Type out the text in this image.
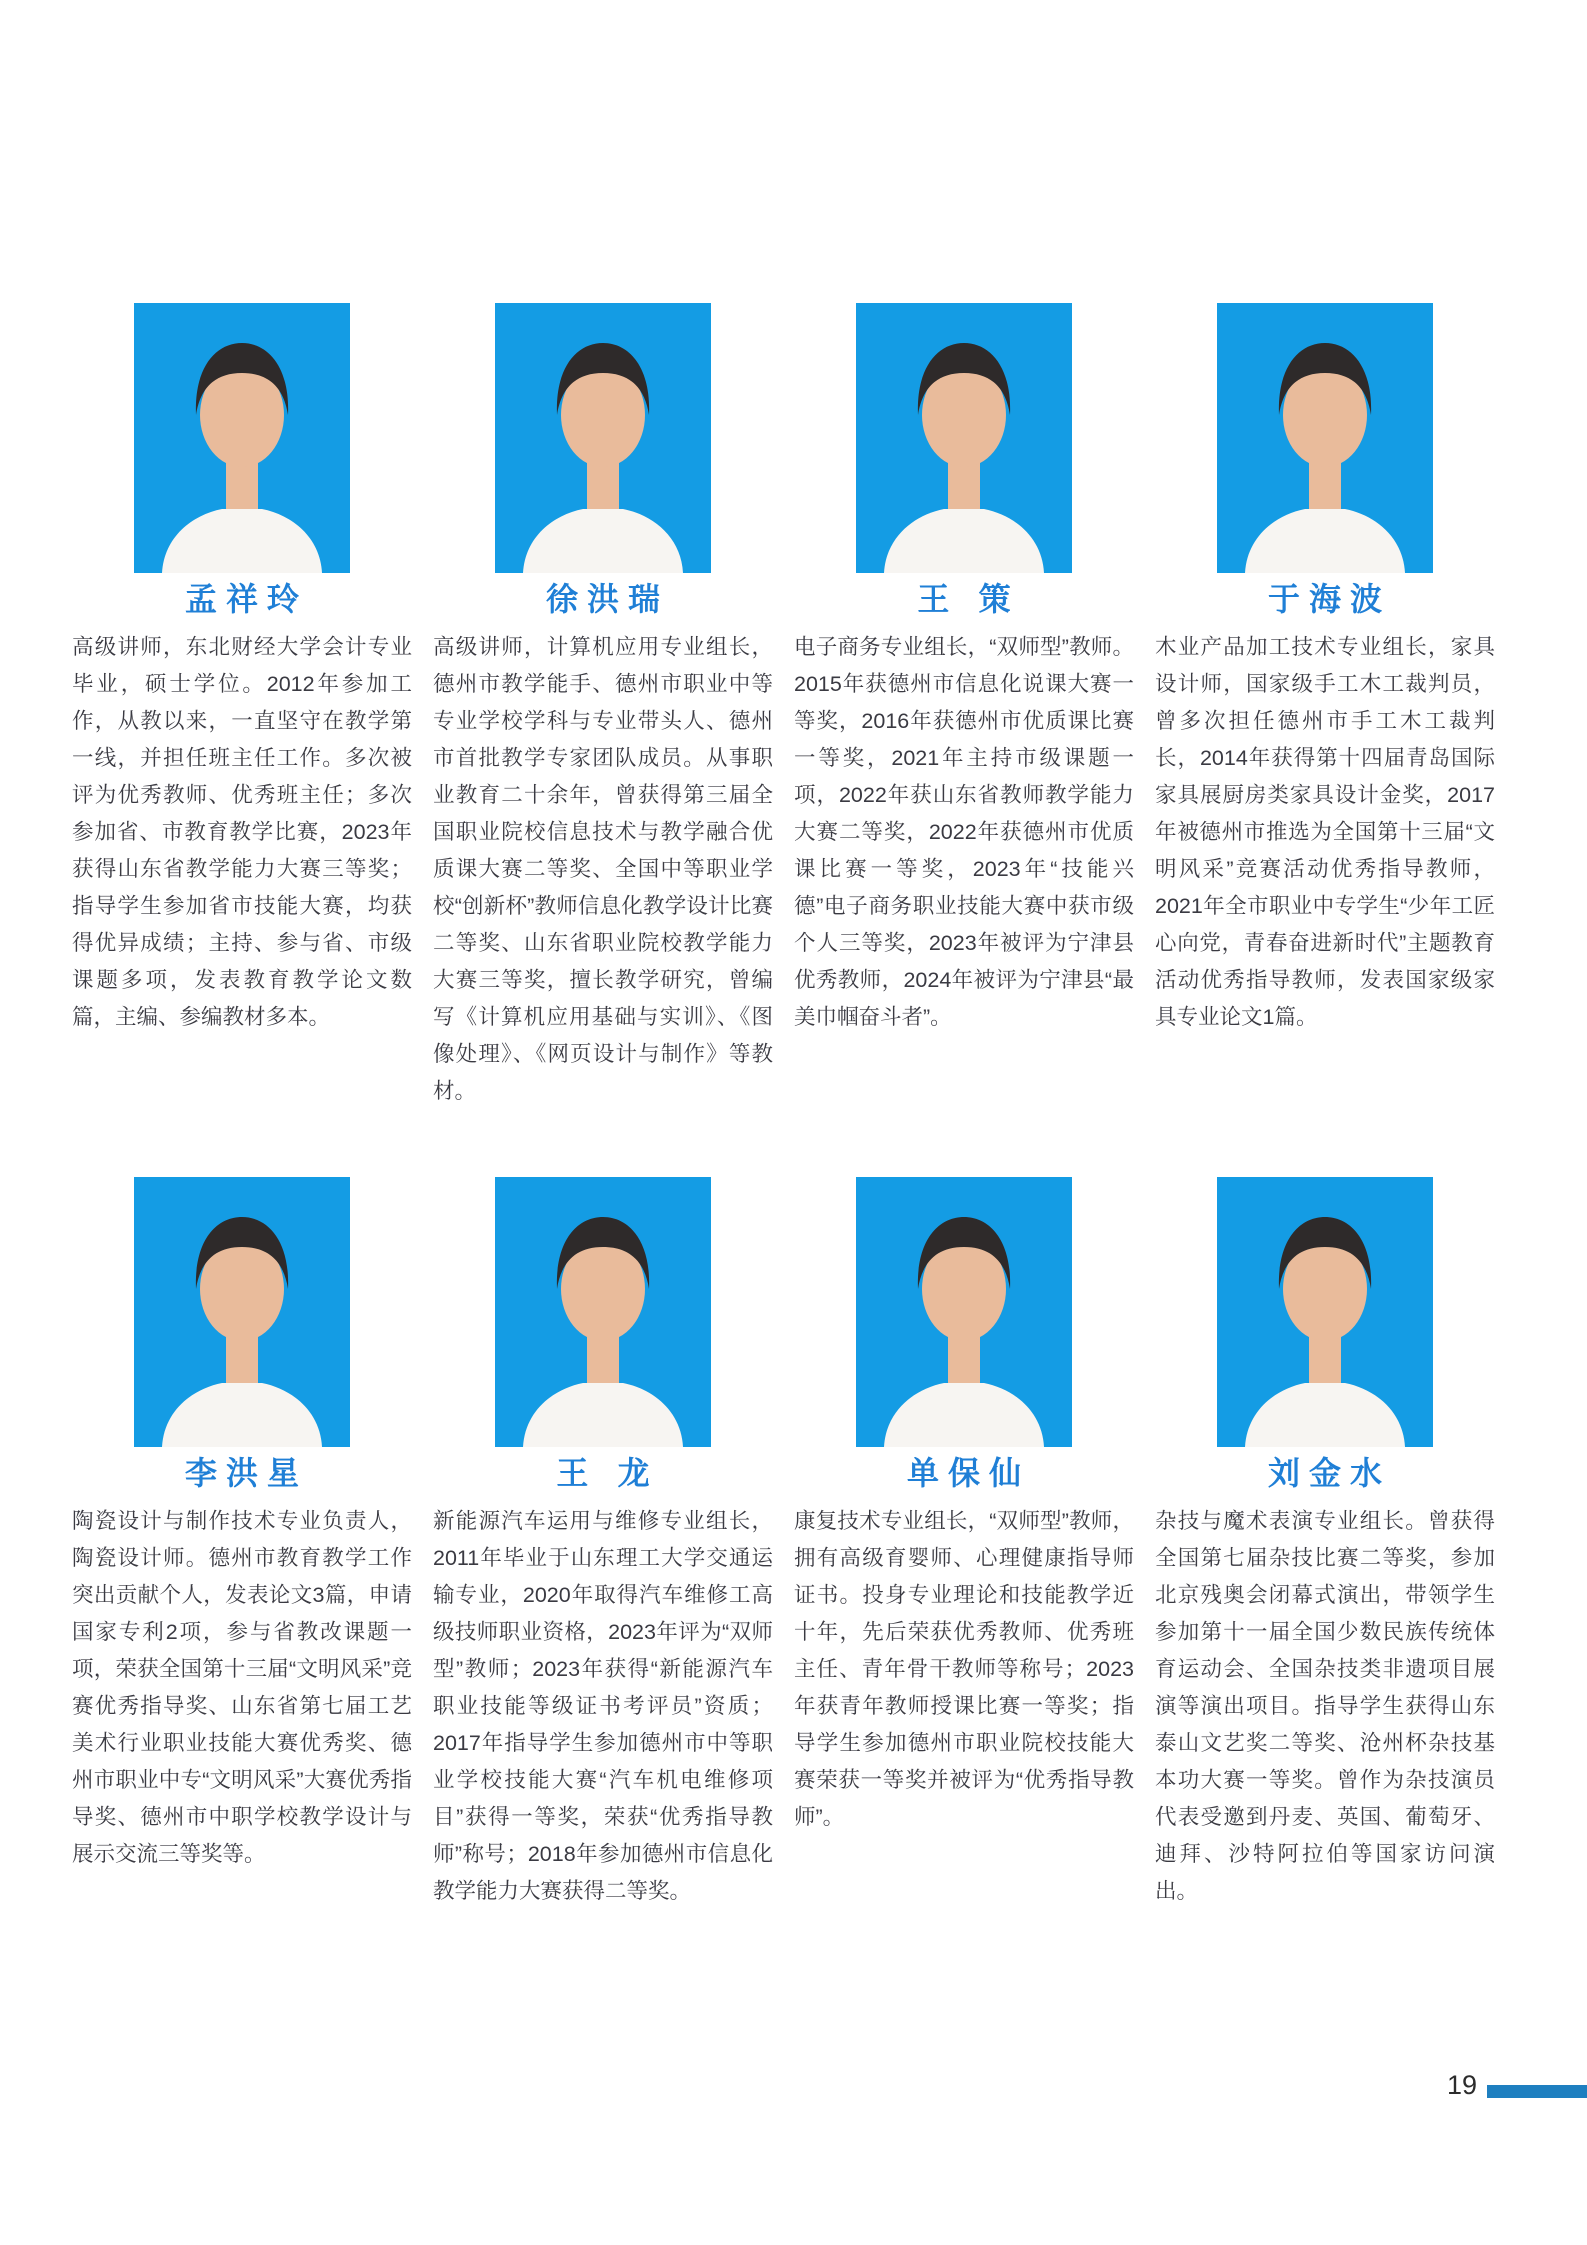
孟祥玲

高级讲师，东北财经大学会计专业毕业，硕士学位。2012年参加工作，从教以来，一直坚守在教学第一线，并担任班主任工作。多次被评为优秀教师、优秀班主任；多次参加省、市教育教学比赛，2023年获得山东省教学能力大赛三等奖；指导学生参加省市技能大赛，均获得优异成绩；主持、参与省、市级课题多项，发表教育教学论文数篇，主编、参编教材多本。

徐洪瑞

高级讲师，计算机应用专业组长，德州市教学能手、德州市职业中等专业学校学科与专业带头人、德州市首批教学专家团队成员。从事职业教育二十余年，曾获得第三届全国职业院校信息技术与教学融合优质课大赛二等奖、全国中等职业学校“创新杯”教师信息化教学设计比赛二等奖、山东省职业院校教学能力大赛三等奖，擅长教学研究，曾编写《计算机应用基础与实训》、《图像处理》、《网页设计与制作》等教材。

王 策

电子商务专业组长，“双师型”教师。2015年获德州市信息化说课大赛一等奖，2016年获德州市优质课比赛一等奖，2021年主持市级课题一项，2022年获山东省教师教学能力大赛二等奖，2022年获德州市优质课比赛一等奖，2023年“技能兴德”电子商务职业技能大赛中获市级个人三等奖，2023年被评为宁津县优秀教师，2024年被评为宁津县“最美巾帼奋斗者”。

于海波

木业产品加工技术专业组长，家具设计师，国家级手工木工裁判员，曾多次担任德州市手工木工裁判长，2014年获得第十四届青岛国际家具展厨房类家具设计金奖，2017年被德州市推选为全国第十三届“文明风采”竞赛活动优秀指导教师，2021年全市职业中专学生“少年工匠心向党，青春奋进新时代”主题教育活动优秀指导教师，发表国家级家具专业论文1篇。

李洪星

陶瓷设计与制作技术专业负责人，陶瓷设计师。德州市教育教学工作突出贡献个人，发表论文3篇，申请国家专利2项，参与省教改课题一项，荣获全国第十三届“文明风采”竞赛优秀指导奖、山东省第七届工艺美术行业职业技能大赛优秀奖、德州市职业中专“文明风采”大赛优秀指导奖、德州市中职学校教学设计与展示交流三等奖等。

王 龙

新能源汽车运用与维修专业组长，2011年毕业于山东理工大学交通运输专业，2020年取得汽车维修工高级技师职业资格，2023年评为“双师型”教师；2023年获得“新能源汽车职业技能等级证书考评员”资质；2017年指导学生参加德州市中等职业学校技能大赛“汽车机电维修项目”获得一等奖，荣获“优秀指导教师”称号；2018年参加德州市信息化教学能力大赛获得二等奖。

单保仙

康复技术专业组长，“双师型”教师，拥有高级育婴师、心理健康指导师证书。投身专业理论和技能教学近十年，先后荣获优秀教师、优秀班主任、青年骨干教师等称号；2023年获青年教师授课比赛一等奖；指导学生参加德州市职业院校技能大赛荣获一等奖并被评为“优秀指导教师”。

刘金水

杂技与魔术表演专业组长。曾获得全国第七届杂技比赛二等奖，参加北京残奥会闭幕式演出，带领学生参加第十一届全国少数民族传统体育运动会、全国杂技类非遗项目展演等演出项目。指导学生获得山东泰山文艺奖二等奖、沧州杯杂技基本功大赛一等奖。曾作为杂技演员代表受邀到丹麦、英国、葡萄牙、迪拜、沙特阿拉伯等国家访问演出。

19
